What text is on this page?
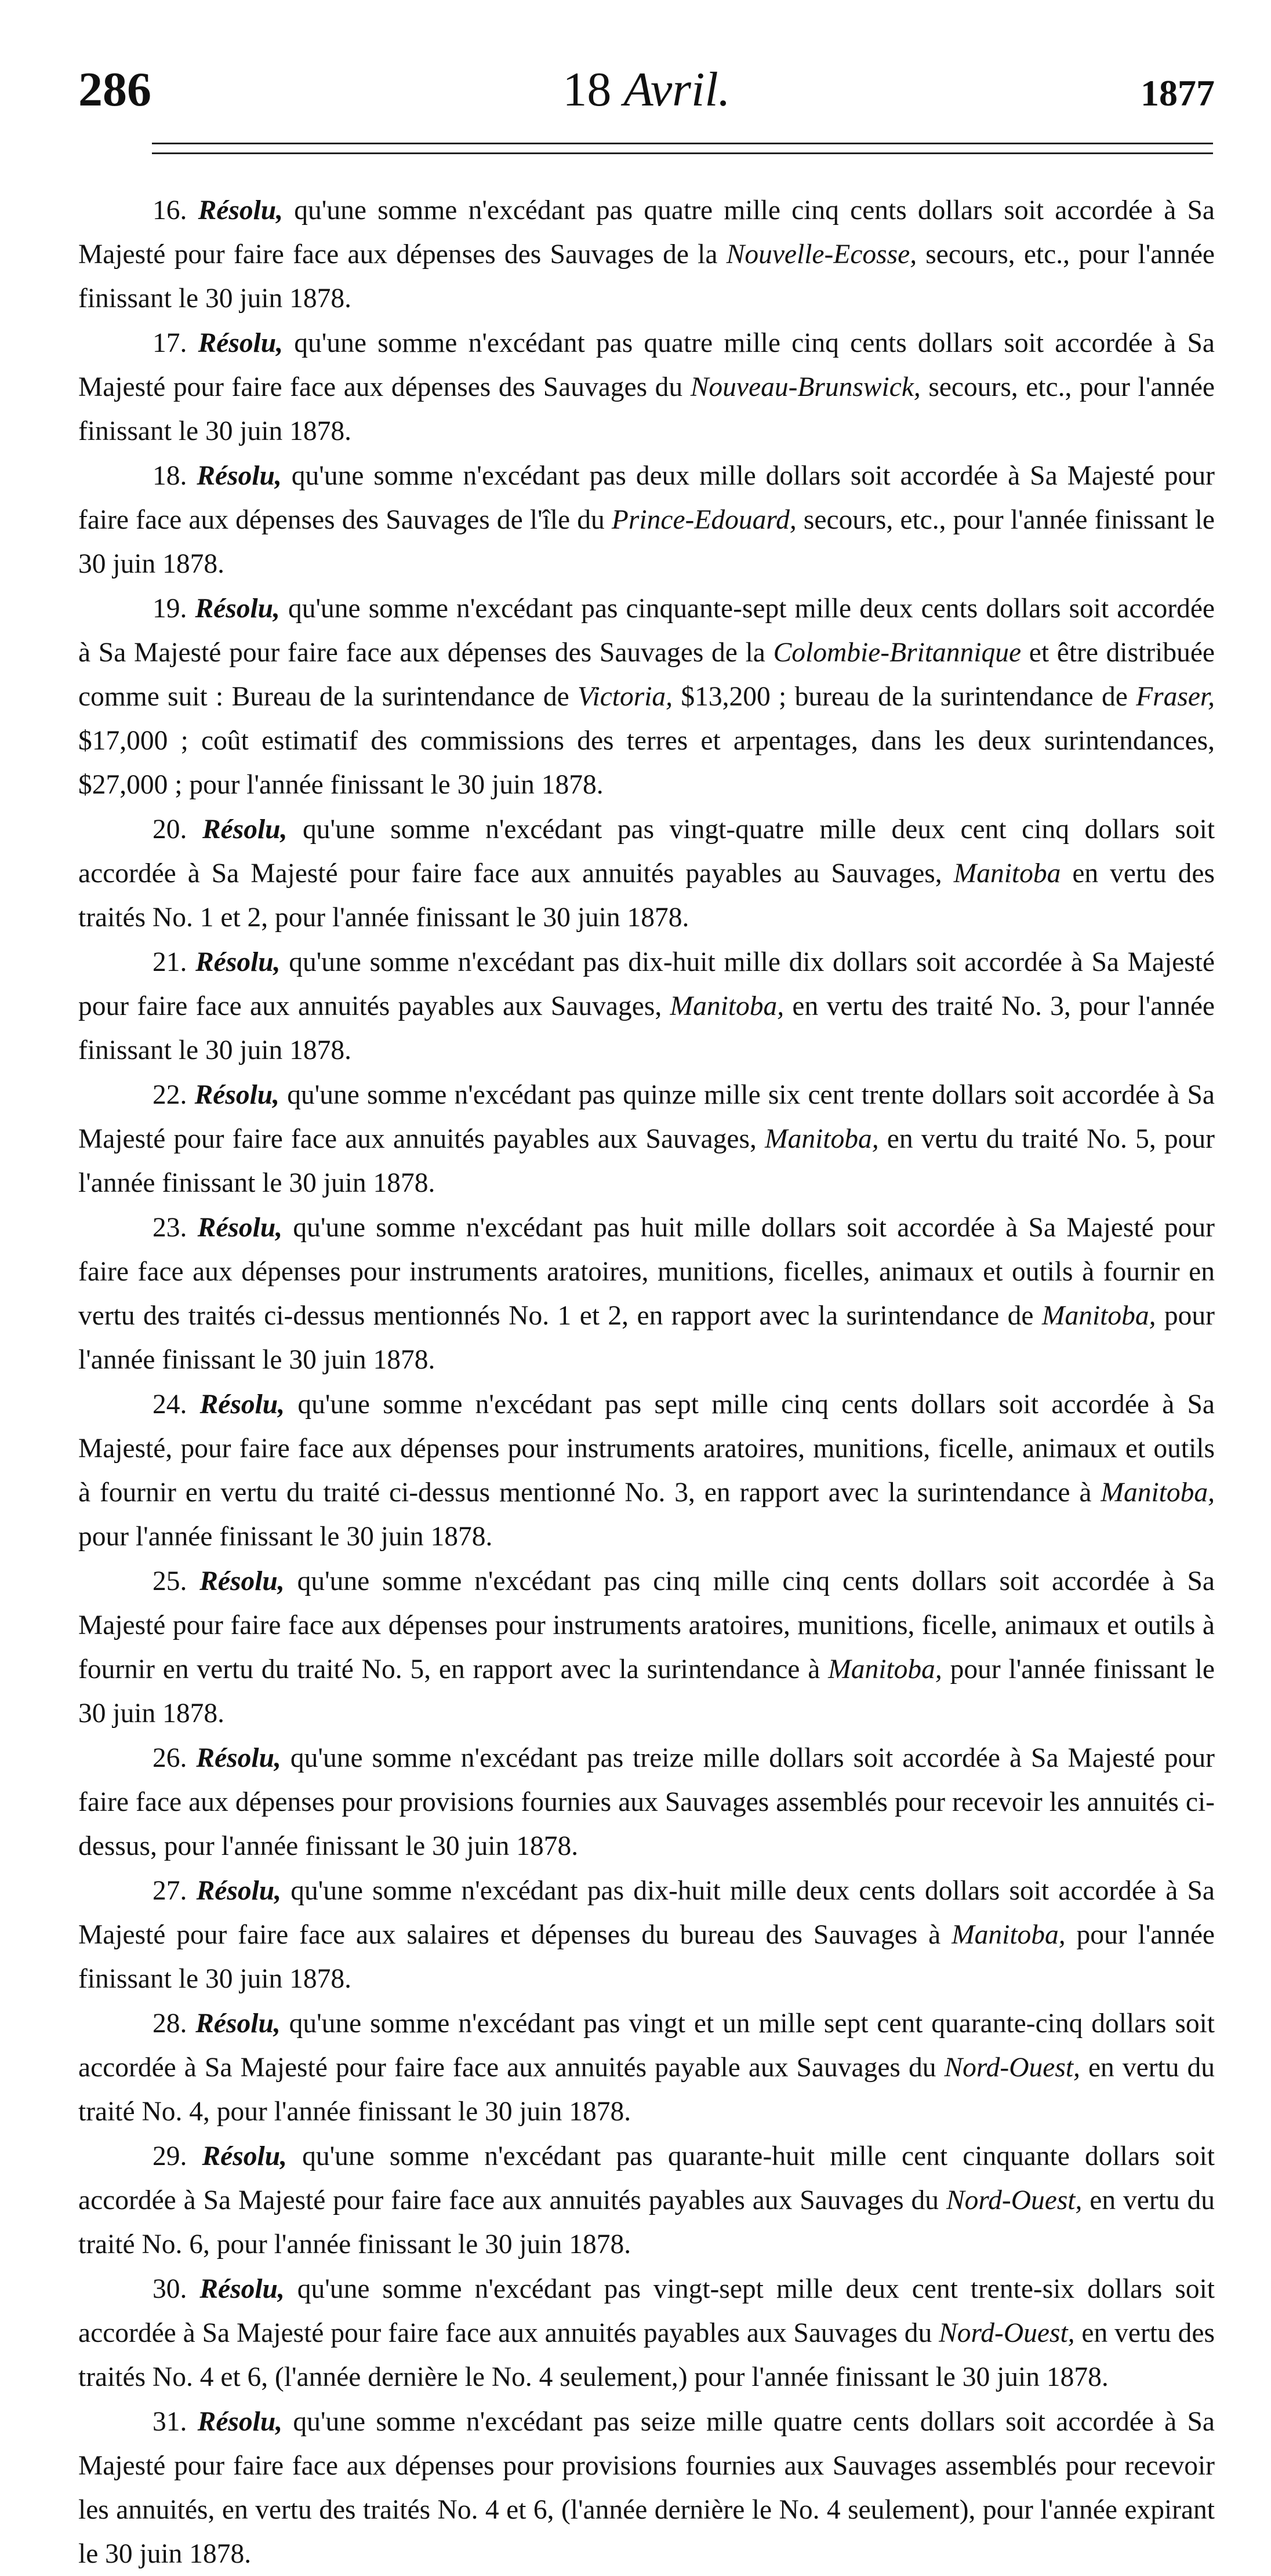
286	18 Avril.	1877

16. Résolu, qu'une somme n'excédant pas quatre mille cinq cents dollars soit accordée à Sa Majesté pour faire face aux dépenses des Sauvages de la Nouvelle-Ecosse, secours, etc., pour l'année finissant le 30 juin 1878.

17. Résolu, qu'une somme n'excédant pas quatre mille cinq cents dollars soit accordée à Sa Majesté pour faire face aux dépenses des Sauvages du Nouveau-Brunswick, secours, etc., pour l'année finissant le 30 juin 1878.

18. Résolu, qu'une somme n'excédant pas deux mille dollars soit accordée à Sa Majesté pour faire face aux dépenses des Sauvages de l'île du Prince-Edouard, secours, etc., pour l'année finissant le 30 juin 1878.

19. Résolu, qu'une somme n'excédant pas cinquante-sept mille deux cents dollars soit accordée à Sa Majesté pour faire face aux dépenses des Sauvages de la Colombie-Britannique et être distribuée comme suit : Bureau de la surintendance de Victoria, $13,200 ; bureau de la surintendance de Fraser, $17,000 ; coût estimatif des commissions des terres et arpentages, dans les deux surintendances, $27,000 ; pour l'année finissant le 30 juin 1878.

20. Résolu, qu'une somme n'excédant pas vingt-quatre mille deux cent cinq dollars soit accordée à Sa Majesté pour faire face aux annuités payables au Sauvages, Manitoba en vertu des traités No. 1 et 2, pour l'année finissant le 30 juin 1878.

21. Résolu, qu'une somme n'excédant pas dix-huit mille dix dollars soit accordée à Sa Majesté pour faire face aux annuités payables aux Sauvages, Manitoba, en vertu des traité No. 3, pour l'année finissant le 30 juin 1878.

22. Résolu, qu'une somme n'excédant pas quinze mille six cent trente dollars soit accordée à Sa Majesté pour faire face aux annuités payables aux Sauvages, Manitoba, en vertu du traité No. 5, pour l'année finissant le 30 juin 1878.

23. Résolu, qu'une somme n'excédant pas huit mille dollars soit accordée à Sa Majesté pour faire face aux dépenses pour instruments aratoires, munitions, ficelles, animaux et outils à fournir en vertu des traités ci-dessus mentionnés No. 1 et 2, en rapport avec la surintendance de Manitoba, pour l'année finissant le 30 juin 1878.

24. Résolu, qu'une somme n'excédant pas sept mille cinq cents dollars soit accordée à Sa Majesté, pour faire face aux dépenses pour instruments aratoires, munitions, ficelle, animaux et outils à fournir en vertu du traité ci-dessus mentionné No. 3, en rapport avec la surintendance à Manitoba, pour l'année finissant le 30 juin 1878.

25. Résolu, qu'une somme n'excédant pas cinq mille cinq cents dollars soit accordée à Sa Majesté pour faire face aux dépenses pour instruments aratoires, munitions, ficelle, animaux et outils à fournir en vertu du traité No. 5, en rapport avec la surintendance à Manitoba, pour l'année finissant le 30 juin 1878.

26. Résolu, qu'une somme n'excédant pas treize mille dollars soit accordée à Sa Majesté pour faire face aux dépenses pour provisions fournies aux Sauvages assemblés pour recevoir les annuités ci-dessus, pour l'année finissant le 30 juin 1878.

27. Résolu, qu'une somme n'excédant pas dix-huit mille deux cents dollars soit accordée à Sa Majesté pour faire face aux salaires et dépenses du bureau des Sauvages à Manitoba, pour l'année finissant le 30 juin 1878.

28. Résolu, qu'une somme n'excédant pas vingt et un mille sept cent quarante-cinq dollars soit accordée à Sa Majesté pour faire face aux annuités payable aux Sauvages du Nord-Ouest, en vertu du traité No. 4, pour l'année finissant le 30 juin 1878.

29. Résolu, qu'une somme n'excédant pas quarante-huit mille cent cinquante dollars soit accordée à Sa Majesté pour faire face aux annuités payables aux Sauvages du Nord-Ouest, en vertu du traité No. 6, pour l'année finissant le 30 juin 1878.

30. Résolu, qu'une somme n'excédant pas vingt-sept mille deux cent trente-six dollars soit accordée à Sa Majesté pour faire face aux annuités payables aux Sauvages du Nord-Ouest, en vertu des traités No. 4 et 6, (l'année dernière le No. 4 seulement,) pour l'année finissant le 30 juin 1878.

31. Résolu, qu'une somme n'excédant pas seize mille quatre cents dollars soit accordée à Sa Majesté pour faire face aux dépenses pour provisions fournies aux Sauvages assemblés pour recevoir les annuités, en vertu des traités No. 4 et 6, (l'année dernière le No. 4 seulement), pour l'année expirant le 30 juin 1878.
